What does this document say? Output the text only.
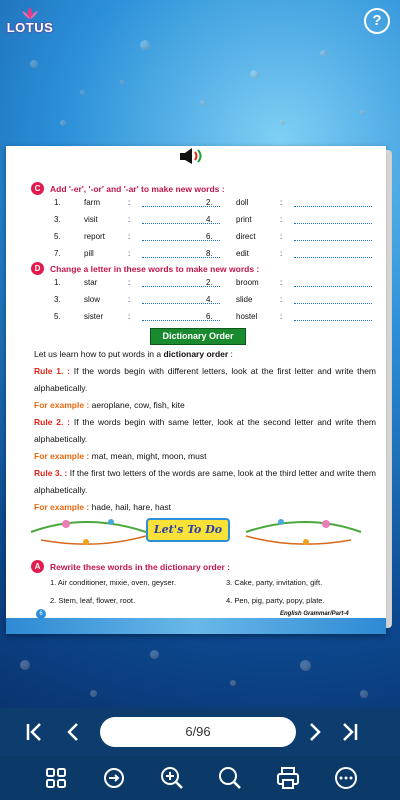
LOTUS	?
C	Add '-er', '-or' and '-ar' to make new words :
D	Change a letter in these words to make new words :
Dictionary Order
Let us learn how to put words in a dictionary order :
Rule 1. : If the words begin with different letters, look at the first letter and write them alphabetically.
For example : aeroplane, cow, fish, kite
Rule 2. : If the words begin with same letter, look at the second letter and write them alphabetically.
For example : mat, mean, might, moon, must
Rule 3. : If the first two letters of the words are same, look at the third letter and write them alphabetically.
For example : hade, hail, hare, hast
Let's To Do
A	Rewrite these words in the dictionary order :
1. Air conditioner, mixie, oven, geyser.	3. Cake, party, invitation, gift.
2. Stem, leaf, flower, root.	4. Pen, pig, party, popy, plate.
6	English Grammar/Part-4
1.	farm	:	2.	doll	:
3.	visit	:	4.	print	:
5.	report	:	6.	direct	:
7.	pill	:	8.	edit	:
1.	star	:	2.	broom	:
3.	slow	:	4.	slide	:
5.	sister	:	6.	hostel	:
6/96
